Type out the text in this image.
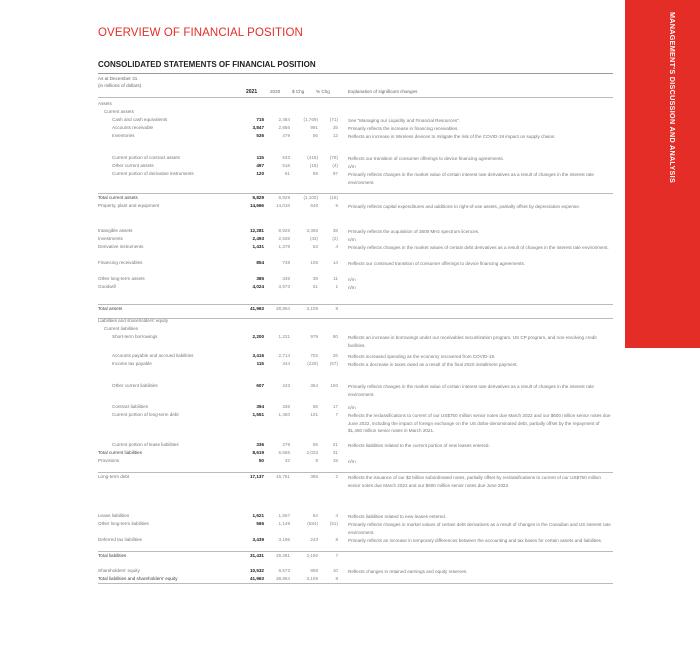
MANAGEMENT'S DISCUSSION AND ANALYSIS
OVERVIEW OF FINANCIAL POSITION
CONSOLIDATED STATEMENTS OF FINANCIAL POSITION
As at December 31
(in millions of dollars)
2021	2020	$ Chg	% Chg	Explanation of significant changes
Assets
Current assets
Cash and cash equivalents	715	2,484	(1,769)	(71) See "Managing our Liquidity and Financial Resources".
Accounts receivable	3,847	2,856	991	35 Primarily reflects the increase in financing receivables.
Inventories	535	479	56	12 Reflects an increase in Wireless devices to mitigate the risk of the COVID-19 impact on supply chains.
Current portion of contract assets	115	533	(418)	(78) Reflects our transition of consumer offerings to device financing agreements.
Other current assets	497	516	(19)	(4) n/m
Current portion of derivative instruments	120	61	59	97 Primarily reflects changes in the market value of certain interest rate derivatives as a result of changes in the interest rate environment.
Total current assets	5,829	6,929	(1,100)	(16)
Property, plant and equipment	14,666	14,018	648	5 Primarily reflects capital expenditures and additions to right-of-use assets, partially offset by depreciation expense.
Intangible assets	12,281	8,926	3,355	38 Primarily reflects the acquisition of 3500 MHz spectrum licences.
Investments	2,493	2,536	(43)	(2) n/m
Derivative instruments	1,431	1,378	53	4 Primarily reflects changes in the market values of certain debt derivatives as a result of changes in the interest rate environment.
Financing receivables	854	748	106	14 Reflects our continued transition of consumer offerings to device financing agreements.
Other long-term assets	385	346	39	11 n/m
Goodwill	4,024	3,973	51	1 n/m
Total assets	41,963	38,854	3,109	8
Liabilities and shareholders' equity
Current liabilities
Short-term borrowings	2,200	1,221	979	80 Reflects an increase in borrowings under our receivables securitization program, US CP program, and non-revolving credit facilities.
Accounts payable and accrued liabilities	3,416	2,714	702	26 Reflects increased spending as the economy recovered from COVID-19.
Income tax payable	115	344	(229)	(67) Reflects a decrease in taxes owed as a result of the final 2020 installment payment.
Other current liabilities	607	243	364	150 Primarily reflects changes in the market value of certain interest rate derivatives as a result of changes in the interest rate environment.
Contract liabilities	394	336	58	17 n/m
Current portion of long-term debt	1,551	1,450	101	7 Reflects the reclassifications to current of our US$750 million senior notes due March 2022 and our $600 million senior notes due June 2022, including the impact of foreign exchange on the US dollar-denominated debt, partially offset by the repayment of $1,450 million senior notes in March 2021.
Current portion of lease liabilities	336	278	58	21 Reflects liabilities related to the current portion of new leases entered.
Total current liabilities	8,619	6,586	2,033	31
Provisions	50	42	8	19 n/m
Long-term debt	17,137	16,751	386	2 Reflects the issuance of our $2 billion subordinated notes, partially offset by reclassifications to current of our US$750 million senior notes due March 2022 and our $600 million senior notes due June 2022.
Lease liabilities	1,621	1,557	64	4 Reflects liabilities related to new leases entered.
Other long-term liabilities	565	1,149	(584)	(51) Primarily reflects changes in market values of certain debt derivatives as a result of changes in the Canadian and US interest rate environment.
Deferred tax liabilities	3,439	3,196	243	8 Primarily reflects an increase in temporary differences between the accounting and tax bases for certain assets and liabilities.
Total liabilities	31,431	29,281	2,150	7
Shareholders' equity	10,532	9,573	959	10 Reflects changes in retained earnings and equity reserves.
Total liabilities and shareholders' equity	41,963	38,854	3,109	8
